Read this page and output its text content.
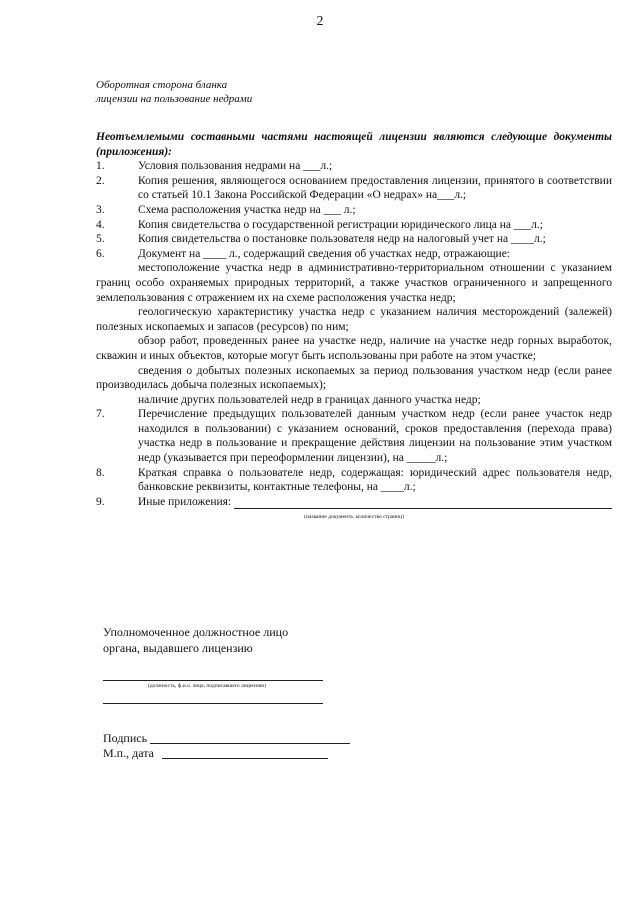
2
Оборотная сторона бланка
лицензии на пользование недрами
Неотъемлемыми составными частями настоящей лицензии являются следующие документы (приложения):
1.	Условия пользования недрами на ___л.;
2.	Копия решения, являющегося основанием предоставления лицензии, принятого в соответствии со статьей 10.1 Закона Российской Федерации «О недрах» на___л.;
3.	Схема расположения участка недр на ___ л.;
4.	Копия свидетельства о государственной регистрации юридического лица на ___л.;
5.	Копия свидетельства о постановке пользователя недр на налоговый учет на ____л.;
6.	Документ на ____ л., содержащий сведения об участках недр, отражающие:
местоположение участка недр в административно-территориальном отношении с указанием границ особо охраняемых природных территорий, а также участков ограниченного и запрещенного землепользования с отражением их на схеме расположения участка недр;
геологическую характеристику участка недр с указанием наличия месторождений (залежей) полезных ископаемых и запасов (ресурсов) по ним;
обзор работ, проведенных ранее на участке недр, наличие на участке недр горных выработок, скважин и иных объектов, которые могут быть использованы при работе на этом участке;
сведения о добытых полезных ископаемых за период пользования участком недр (если ранее производилась добыча полезных ископаемых);
наличие других пользователей недр в границах данного участка недр;
7.	Перечисление предыдущих пользователей данным участком недр (если ранее участок недр находился в пользовании) с указанием оснований, сроков предоставления (перехода права) участка недр в пользование и прекращение действия лицензии на пользование этим участком недр (указывается при переоформлении лицензии), на _____л.;
8.	Краткая справка о пользователе недр, содержащая: юридический адрес пользователя недр, банковские реквизиты, контактные телефоны, на ____л.;
9.	Иные приложения:
(название документа, количество страниц)
Уполномоченное должностное лицо
органа, выдавшего лицензию
(должность, ф.и.о. лица, подписавшего лицензию)
Подпись
М.п., дата
